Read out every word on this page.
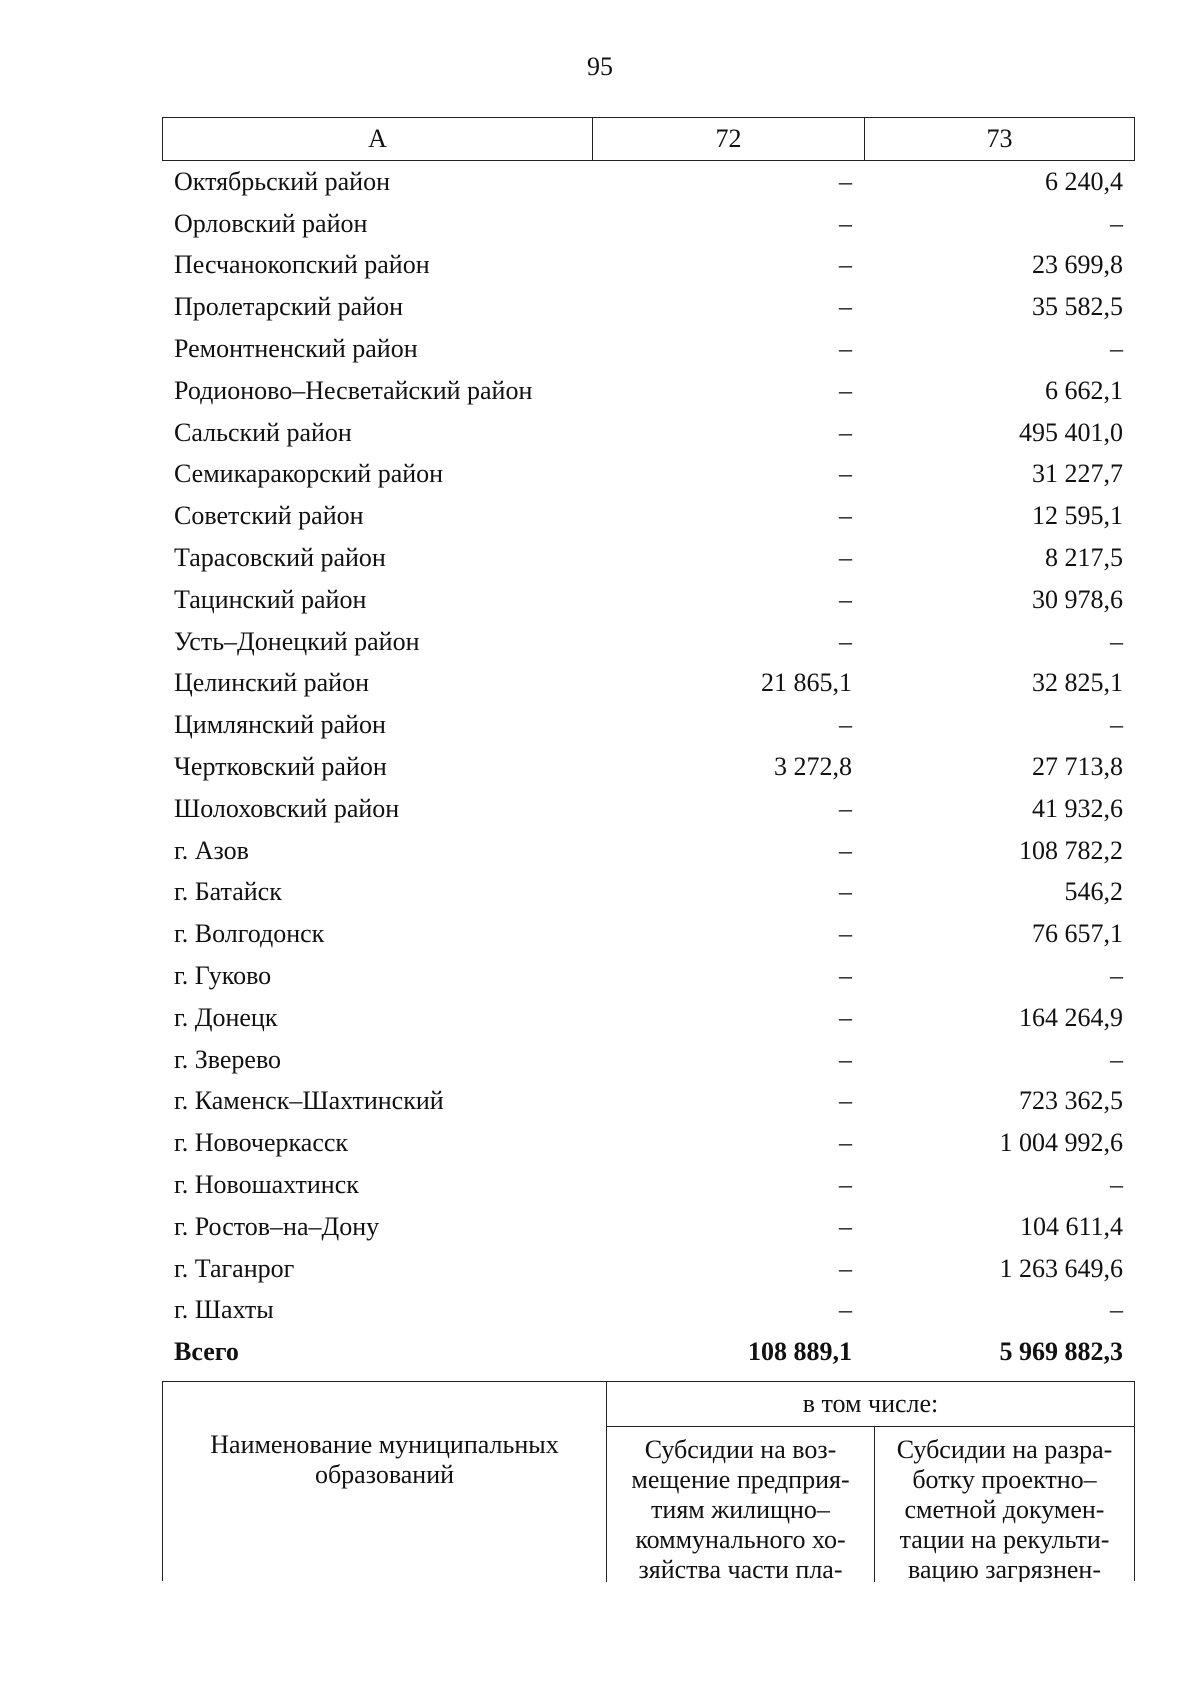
95
А	72	73
Октябрьский район	–	6 240,4
Орловский район	–	–
Песчанокопский район	–	23 699,8
Пролетарский район	–	35 582,5
Ремонтненский район	–	–
Родионово–Несветайский район	–	6 662,1
Сальский район	–	495 401,0
Семикаракорский район	–	31 227,7
Советский район	–	12 595,1
Тарасовский район	–	8 217,5
Тацинский район	–	30 978,6
Усть–Донецкий район	–	–
Целинский район	21 865,1	32 825,1
Цимлянский район	–	–
Чертковский район	3 272,8	27 713,8
Шолоховский район	–	41 932,6
г. Азов	–	108 782,2
г. Батайск	–	546,2
г. Волгодонск	–	76 657,1
г. Гуково	–	–
г. Донецк	–	164 264,9
г. Зверево	–	–
г. Каменск–Шахтинский	–	723 362,5
г. Новочеркасск	–	1 004 992,6
г. Новошахтинск	–	–
г. Ростов–на–Дону	–	104 611,4
г. Таганрог	–	1 263 649,6
г. Шахты	–	–
Всего	108 889,1	5 969 882,3
Наименование муниципальных образований
в том числе:
Субсидии на воз-мещение предприя-тиям жилищно–коммунального хо-зяйства части пла-
Субсидии на разра-ботку проектно–сметной докумен-тации на рекульти-вацию загрязнен-
